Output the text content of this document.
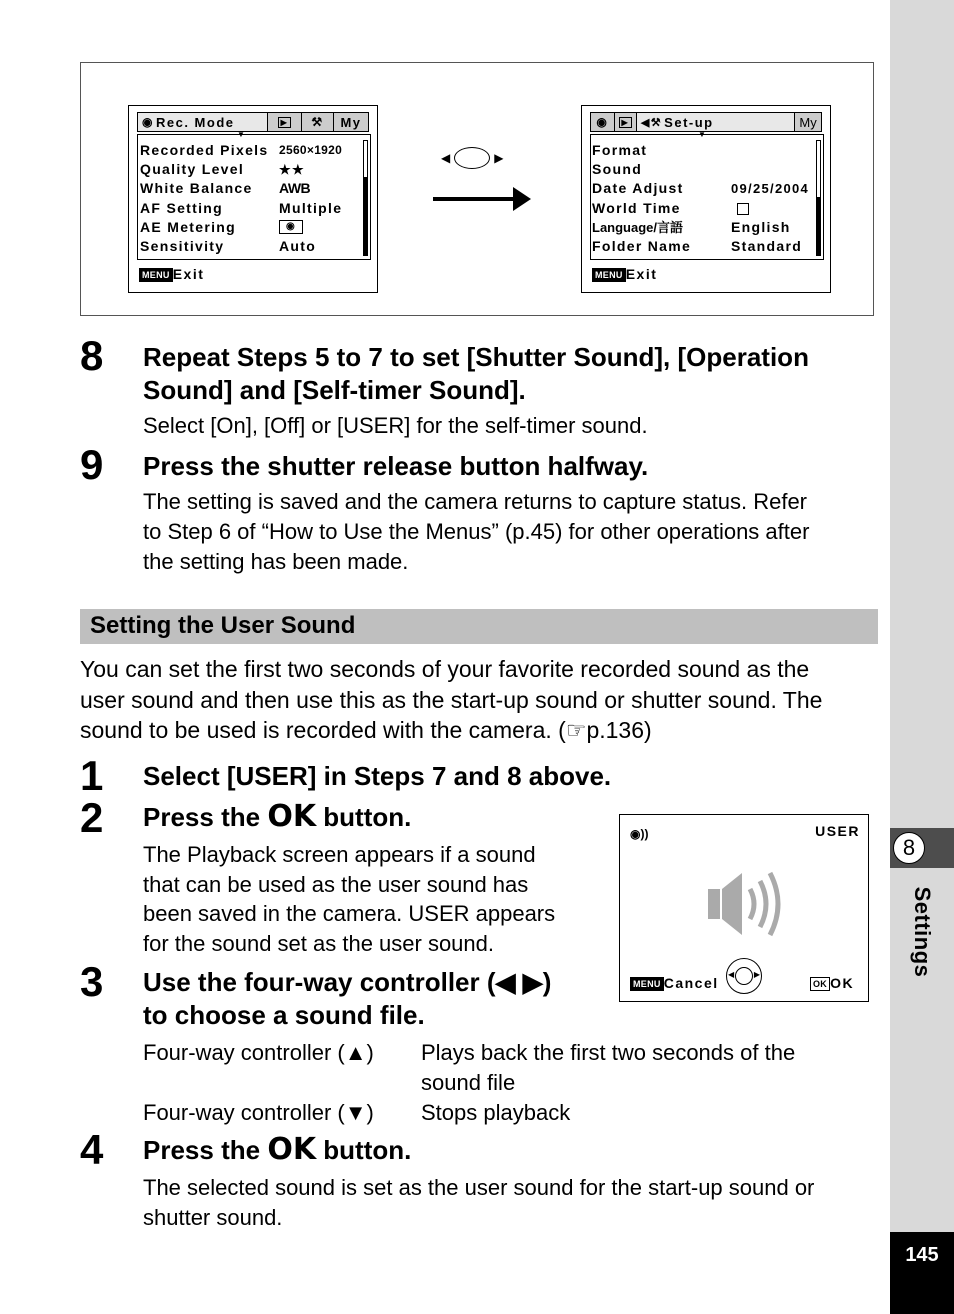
8
Settings
145
◉ Rec. Mode	▶ ⚒	My
▼
Recorded Pixels 2560×1920
Quality Level	★★
White Balance	AWB
AF Setting	Multiple
AE Metering	◉
Sensitivity	Auto
MENU Exit
◀	▶
◉	▶ ◀⚒ Set-up	My
▼
Format
Sound
Date Adjust	09/25/2004
World Time
Language/言語	English
Folder Name	Standard
MENU Exit
8 Repeat Steps 5 to 7 to set [Shutter Sound], [Operation
Sound] and [Self-timer Sound].
Select [On], [Off] or [USER] for the self-timer sound.
9 Press the shutter release button halfway.
The setting is saved and the camera returns to capture status. Refer
to Step 6 of “How to Use the Menus” (p.45) for other operations after
the setting has been made.
Setting the User Sound
You can set the first two seconds of your favorite recorded sound as the
user sound and then use this as the start-up sound or shutter sound. The
sound to be used is recorded with the camera. (☞p.136)
1 Select [USER] in Steps 7 and 8 above.
2 Press the OK button.
The Playback screen appears if a sound
that can be used as the user sound has
been saved in the camera. USER appears
for the sound set as the user sound.
◉))	USER
MENU Cancel
◀ ▶
OK OK
3 Use the four-way controller (◀ ▶)
to choose a sound file.
Four-way controller (▲)	Plays back the first two seconds of the
sound file

Four-way controller (▼)	Stops playback
4 Press the OK button.
The selected sound is set as the user sound for the start-up sound or
shutter sound.
